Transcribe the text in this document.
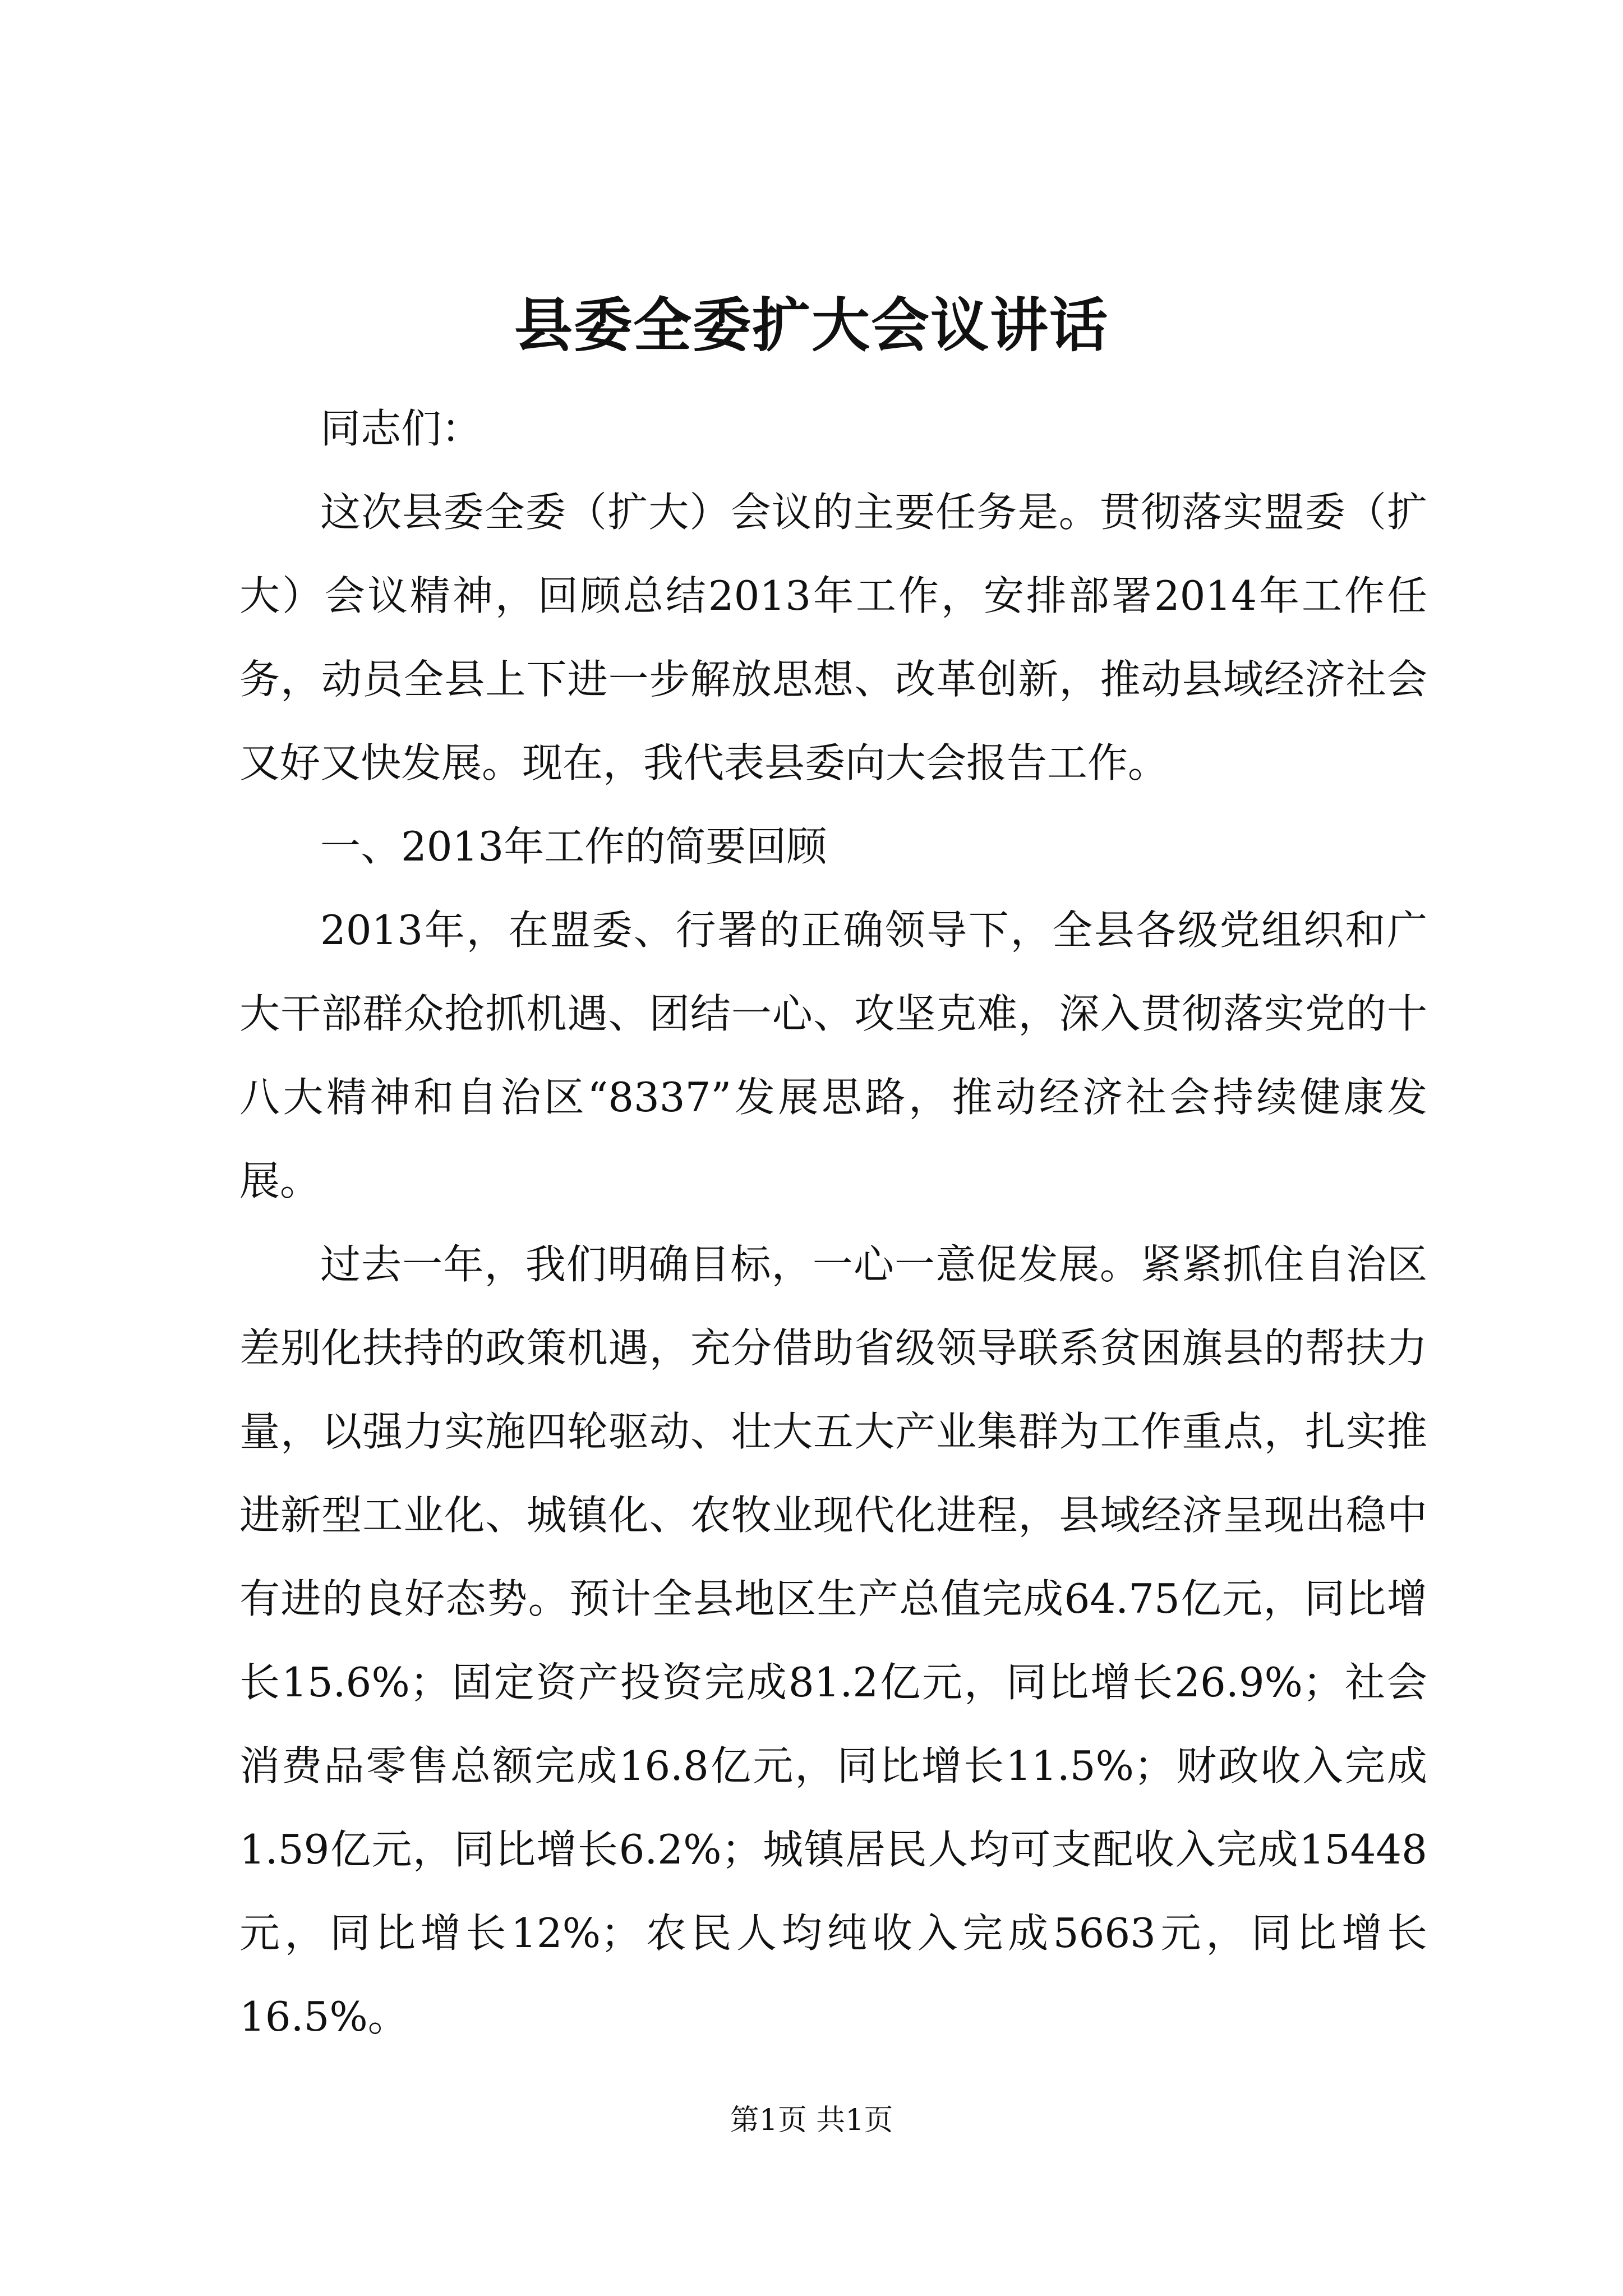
县委全委扩大会议讲话

同志们：

这次县委全委（扩大）会议的主要任务是。贯彻落实盟委（扩大）会议精神，回顾总结2013年工作，安排部署2014年工作任务，动员全县上下进一步解放思想、改革创新，推动县域经济社会又好又快发展。现在，我代表县委向大会报告工作。

一、2013年工作的简要回顾

2013年，在盟委、行署的正确领导下，全县各级党组织和广大干部群众抢抓机遇、团结一心、攻坚克难，深入贯彻落实党的十八大精神和自治区“8337”发展思路，推动经济社会持续健康发展。

过去一年，我们明确目标，一心一意促发展。紧紧抓住自治区差别化扶持的政策机遇，充分借助省级领导联系贫困旗县的帮扶力量，以强力实施四轮驱动、壮大五大产业集群为工作重点，扎实推进新型工业化、城镇化、农牧业现代化进程，县域经济呈现出稳中有进的良好态势。预计全县地区生产总值完成64.75亿元，同比增长15.6%；固定资产投资完成81.2亿元，同比增长26.9%；社会消费品零售总额完成16.8亿元，同比增长11.5%；财政收入完成1.59亿元，同比增长6.2%；城镇居民人均可支配收入完成15448元，同比增长12%；农民人均纯收入完成5663元，同比增长16.5%。

第1页 共1页
